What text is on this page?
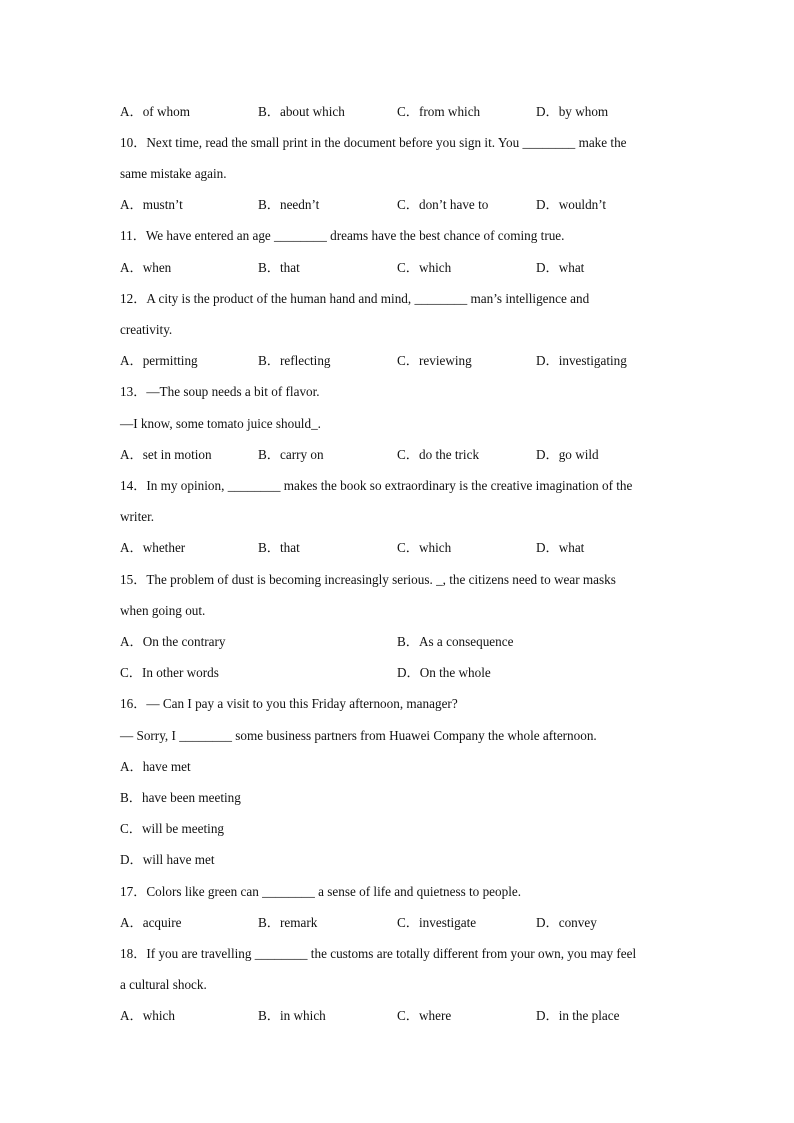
A．of whom	B．about which	C．from which	D．by whom
10．Next time, read the small print in the document before you sign it. You ________ make the
same mistake again.
A．mustn’t	B．needn’t	C．don’t have to	D．wouldn’t
11．We have entered an age ________ dreams have the best chance of coming true.
A．when	B．that	C．which	D．what
12．A city is the product of the human hand and mind, ________ man’s intelligence and
creativity.
A．permitting	B．reflecting	C．reviewing	D．investigating
13．—The soup needs a bit of flavor.
—I know, some tomato juice should_.
A．set in motion	B．carry on	C．do the trick	D．go wild
14．In my opinion, ________ makes the book so extraordinary is the creative imagination of the
writer.
A．whether	B．that	C．which	D．what
15．The problem of dust is becoming increasingly serious. _, the citizens need to wear masks
when going out.
A．On the contrary	B．As a consequence
C．In other words	D．On the whole
16．— Can I pay a visit to you this Friday afternoon, manager?
— Sorry, I ________ some business partners from Huawei Company the whole afternoon.
A．have met
B．have been meeting
C．will be meeting
D．will have met
17．Colors like green can ________ a sense of life and quietness to people.
A．acquire	B．remark	C．investigate	D．convey
18．If you are travelling ________ the customs are totally different from your own, you may feel
a cultural shock.
A．which	B．in which	C．where	D．in the place
